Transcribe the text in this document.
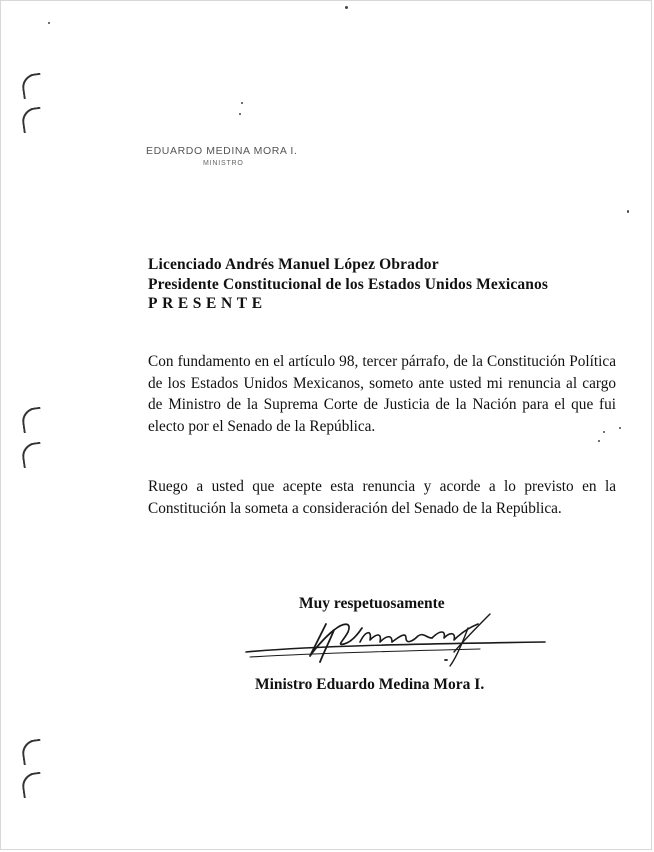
EDUARDO MEDINA MORA I.
MINISTRO
Licenciado Andrés Manuel López Obrador
Presidente Constitucional de los Estados Unidos Mexicanos
PRESENTE
Con fundamento en el artículo 98, tercer párrafo, de la Constitución Política de los Estados Unidos Mexicanos, someto ante usted mi renuncia al cargo de Ministro de la Suprema Corte de Justicia de la Nación para el que fui electo por el Senado de la República.
Ruego a usted que acepte esta renuncia y acorde a lo previsto en la Constitución la someta a consideración del Senado de la República.
Muy respetuosamente
Ministro Eduardo Medina Mora I.
